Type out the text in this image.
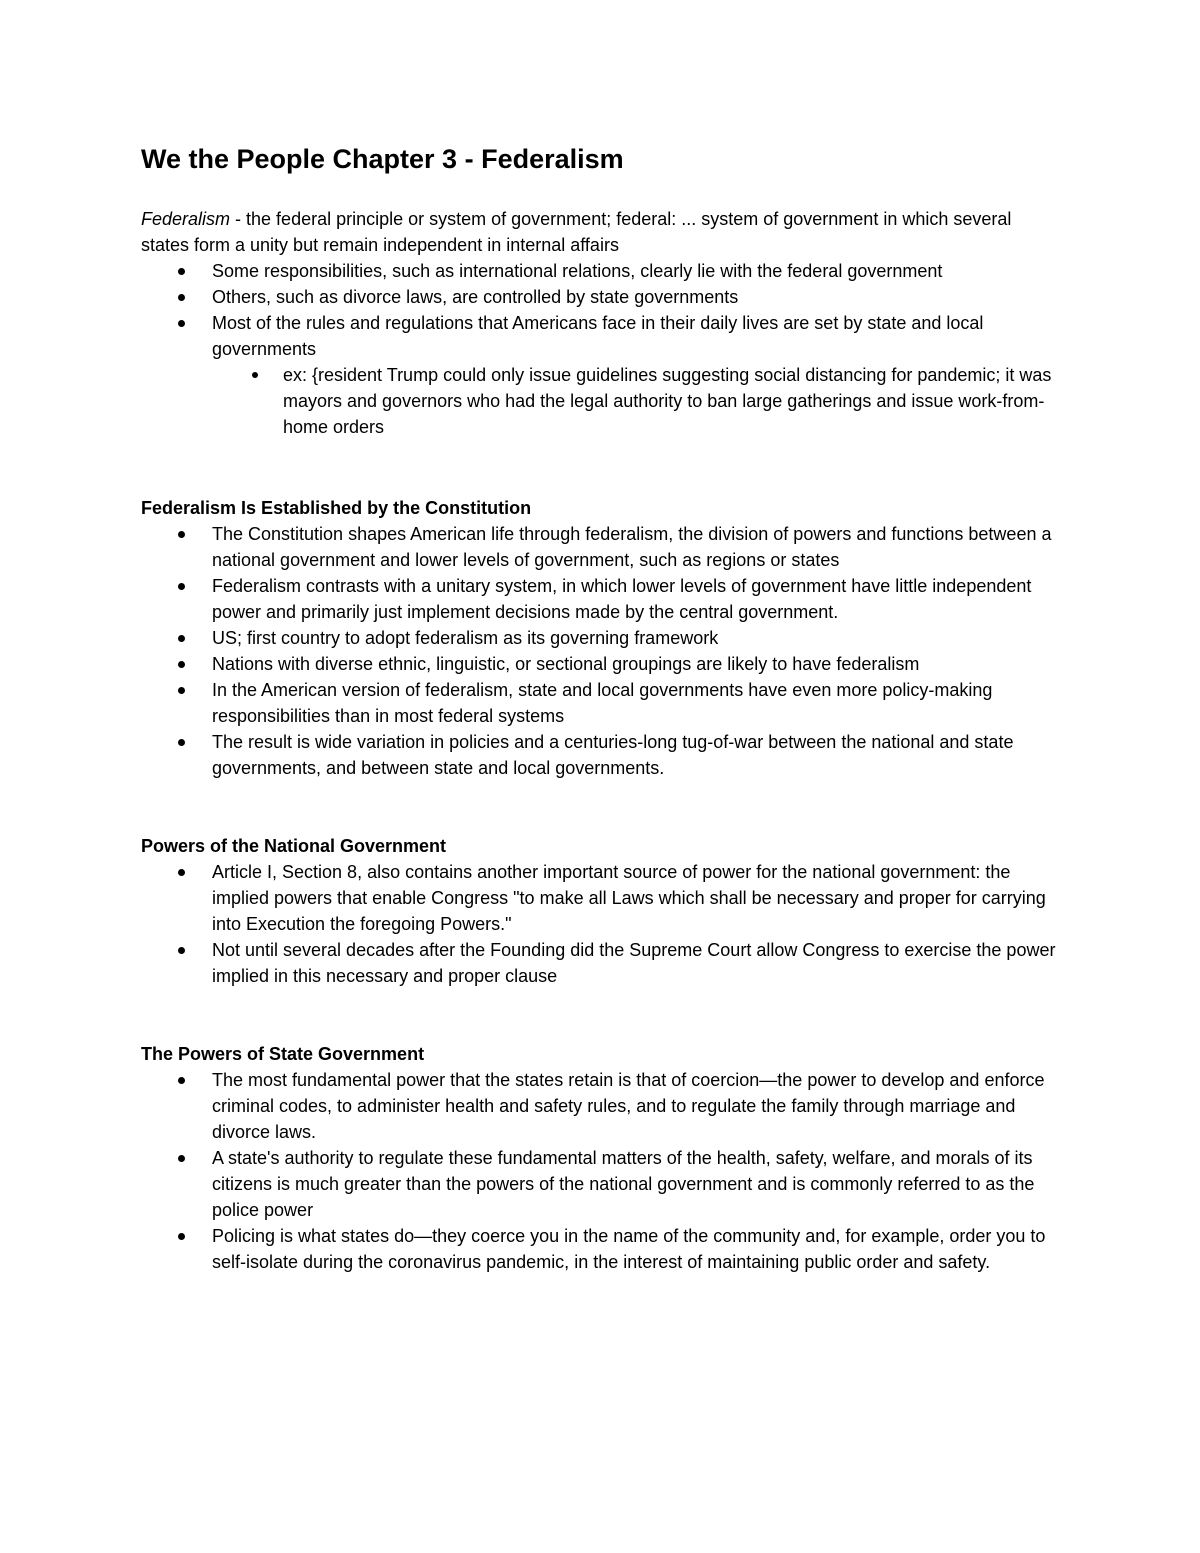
We the People Chapter 3 - Federalism

Federalism - the federal principle or system of government; federal: ... system of government in which several states form a unity but remain independent in internal affairs

Some responsibilities, such as international relations, clearly lie with the federal government
Others, such as divorce laws, are controlled by state governments
Most of the rules and regulations that Americans face in their daily lives are set by state and local governments
ex: {resident Trump could only issue guidelines suggesting social distancing for pandemic; it was mayors and governors who had the legal authority to ban large gatherings and issue work-from-home orders
Federalism Is Established by the Constitution
The Constitution shapes American life through federalism, the division of powers and functions between a national government and lower levels of government, such as regions or states
Federalism contrasts with a unitary system, in which lower levels of government have little independent power and primarily just implement decisions made by the central government.
US; first country to adopt federalism as its governing framework
Nations with diverse ethnic, linguistic, or sectional groupings are likely to have federalism
In the American version of federalism, state and local governments have even more policy-making responsibilities than in most federal systems
The result is wide variation in policies and a centuries-long tug-of-war between the national and state governments, and between state and local governments.
Powers of the National Government
Article I, Section 8, also contains another important source of power for the national government: the implied powers that enable Congress "to make all Laws which shall be necessary and proper for carrying into Execution the foregoing Powers."
Not until several decades after the Founding did the Supreme Court allow Congress to exercise the power implied in this necessary and proper clause
The Powers of State Government
The most fundamental power that the states retain is that of coercion—the power to develop and enforce criminal codes, to administer health and safety rules, and to regulate the family through marriage and divorce laws.
A state's authority to regulate these fundamental matters of the health, safety, welfare, and morals of its citizens is much greater than the powers of the national government and is commonly referred to as the police power
Policing is what states do—they coerce you in the name of the community and, for example, order you to self-isolate during the coronavirus pandemic, in the interest of maintaining public order and safety.
